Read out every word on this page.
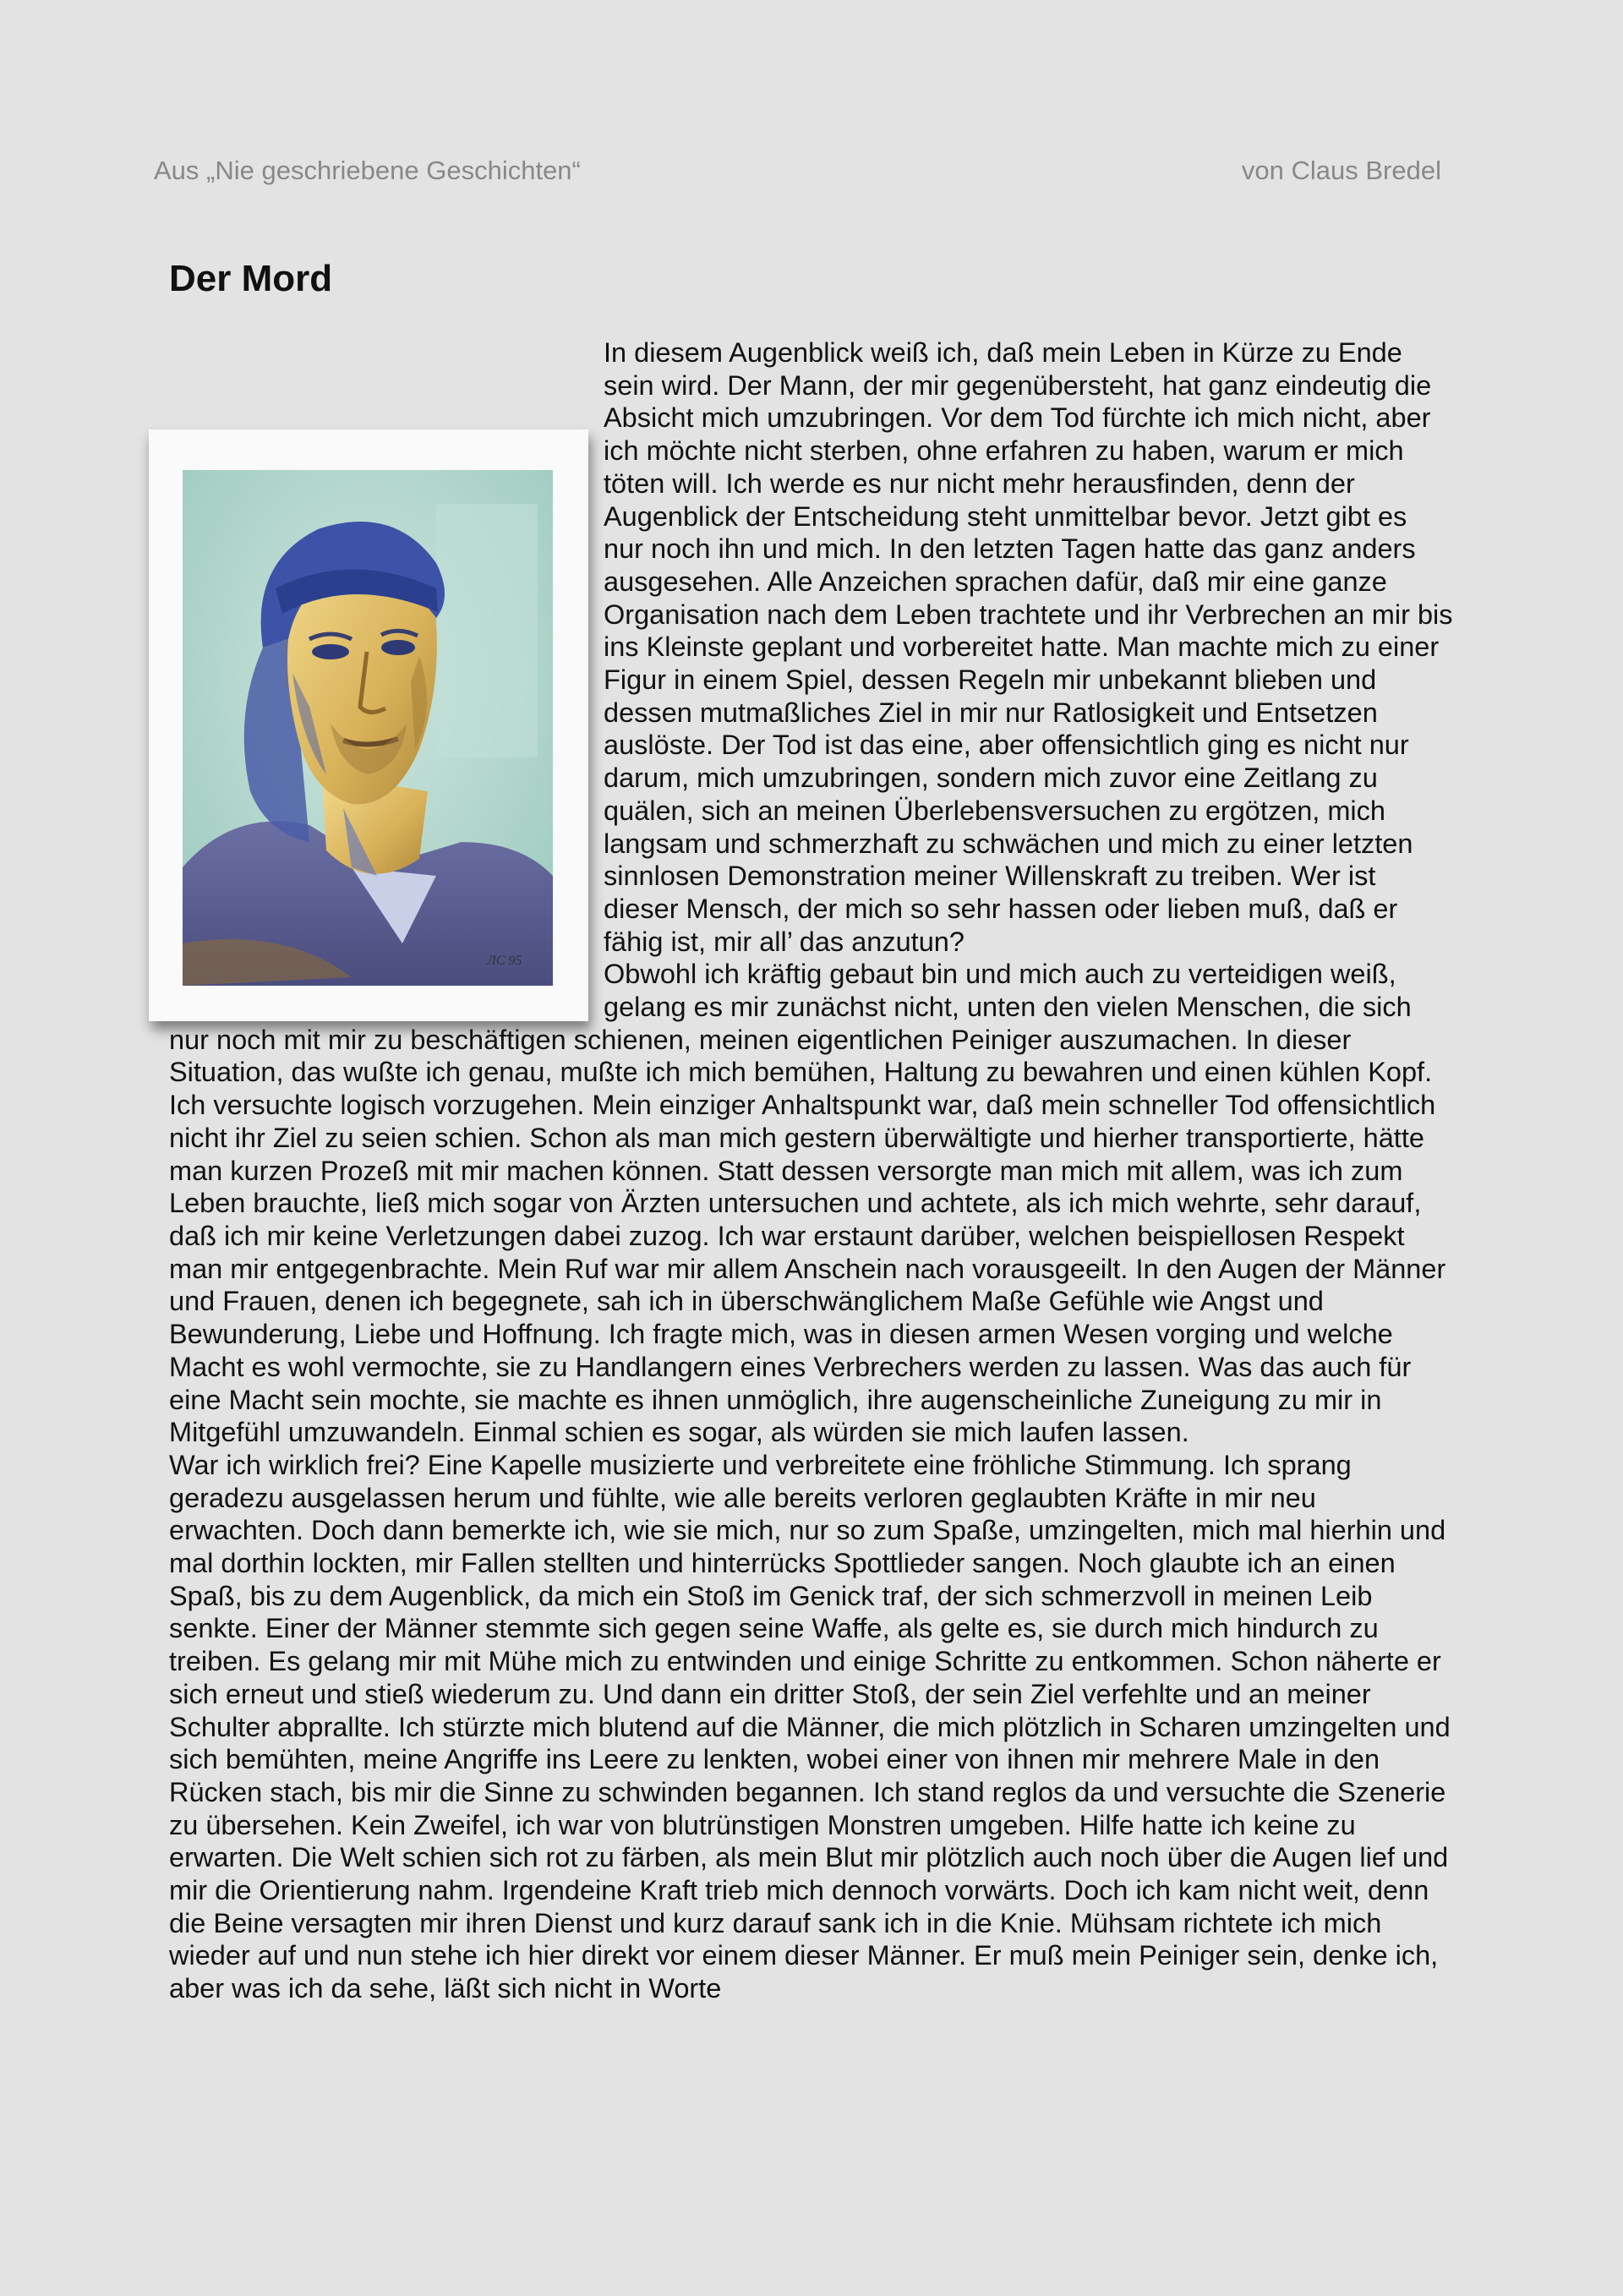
Aus „Nie geschriebene Geschichten“	von Claus Bredel
Der Mord
ЛС 95

In diesem Augenblick weiß ich, daß mein Leben in Kürze zu Ende sein wird. Der Mann, der mir gegenübersteht, hat ganz eindeutig die Absicht mich umzubringen. Vor dem Tod fürchte ich mich nicht, aber ich möchte nicht sterben, ohne erfahren zu haben, warum er mich töten will. Ich werde es nur nicht mehr herausfinden, denn der Augenblick der Entscheidung steht unmittelbar bevor. Jetzt gibt es nur noch ihn und mich. In den letzten Tagen hatte das ganz anders ausgesehen. Alle Anzeichen sprachen dafür, daß mir eine ganze Organisation nach dem Leben trachtete und ihr Verbrechen an mir bis ins Kleinste geplant und vorbereitet hatte. Man machte mich zu einer Figur in einem Spiel, dessen Regeln mir unbekannt blieben und dessen mutmaßliches Ziel in mir nur Ratlosigkeit und Entsetzen auslöste. Der Tod ist das eine, aber offensichtlich ging es nicht nur darum, mich umzubringen, sondern mich zuvor eine Zeitlang zu quälen, sich an meinen Überlebensversuchen zu ergötzen, mich langsam und schmerzhaft zu schwächen und mich zu einer letzten sinnlosen Demonstration meiner Willenskraft zu treiben. Wer ist dieser Mensch, der mich so sehr hassen oder lieben muß, daß er fähig ist, mir all’ das anzutun?

Obwohl ich kräftig gebaut bin und mich auch zu verteidigen weiß, gelang es mir zunächst nicht, unten den vielen Menschen, die sich nur noch mit mir zu beschäftigen schienen, meinen eigentlichen Peiniger auszumachen. In dieser Situation, das wußte ich genau, mußte ich mich bemühen, Haltung zu bewahren und einen kühlen Kopf. Ich versuchte logisch vorzugehen. Mein einziger Anhaltspunkt war, daß mein schneller Tod offensichtlich nicht ihr Ziel zu seien schien. Schon als man mich gestern überwältigte und hierher transportierte, hätte man kurzen Prozeß mit mir machen können. Statt dessen versorgte man mich mit allem, was ich zum Leben brauchte, ließ mich sogar von Ärzten untersuchen und achtete, als ich mich wehrte, sehr darauf, daß ich mir keine Verletzungen dabei zuzog. Ich war erstaunt darüber, welchen beispiellosen Respekt man mir entgegenbrachte. Mein Ruf war mir allem Anschein nach vorausgeeilt. In den Augen der Männer und Frauen, denen ich begegnete, sah ich in überschwänglichem Maße Gefühle wie Angst und Bewunderung, Liebe und Hoffnung. Ich fragte mich, was in diesen armen Wesen vorging und welche Macht es wohl vermochte, sie zu Handlangern eines Verbrechers werden zu lassen. Was das auch für eine Macht sein mochte, sie machte es ihnen unmöglich, ihre augenscheinliche Zuneigung zu mir in Mitgefühl umzuwandeln. Einmal schien es sogar, als würden sie mich laufen lassen.

War ich wirklich frei? Eine Kapelle musizierte und verbreitete eine fröhliche Stimmung. Ich sprang geradezu ausgelassen herum und fühlte, wie alle bereits verloren geglaubten Kräfte in mir neu erwachten. Doch dann bemerkte ich, wie sie mich, nur so zum Spaße, umzingelten, mich mal hierhin und mal dorthin lockten, mir Fallen stellten und hinterrücks Spottlieder sangen. Noch glaubte ich an einen Spaß, bis zu dem Augenblick, da mich ein Stoß im Genick traf, der sich schmerzvoll in meinen Leib senkte. Einer der Männer stemmte sich gegen seine Waffe, als gelte es, sie durch mich hindurch zu treiben. Es gelang mir mit Mühe mich zu entwinden und einige Schritte zu entkommen. Schon näherte er sich erneut und stieß wiederum zu. Und dann ein dritter Stoß, der sein Ziel verfehlte und an meiner Schulter abprallte. Ich stürzte mich blutend auf die Männer, die mich plötzlich in Scharen umzingelten und sich bemühten, meine Angriffe ins Leere zu lenkten, wobei einer von ihnen mir mehrere Male in den Rücken stach, bis mir die Sinne zu schwinden begannen. Ich stand reglos da und versuchte die Szenerie zu übersehen. Kein Zweifel, ich war von blutrünstigen Monstren umgeben. Hilfe hatte ich keine zu erwarten. Die Welt schien sich rot zu färben, als mein Blut mir plötzlich auch noch über die Augen lief und mir die Orientierung nahm. Irgendeine Kraft trieb mich dennoch vorwärts. Doch ich kam nicht weit, denn die Beine versagten mir ihren Dienst und kurz darauf sank ich in die Knie. Mühsam richtete ich mich wieder auf und nun stehe ich hier direkt vor einem dieser Männer. Er muß mein Peiniger sein, denke ich, aber was ich da sehe, läßt sich nicht in Worte
